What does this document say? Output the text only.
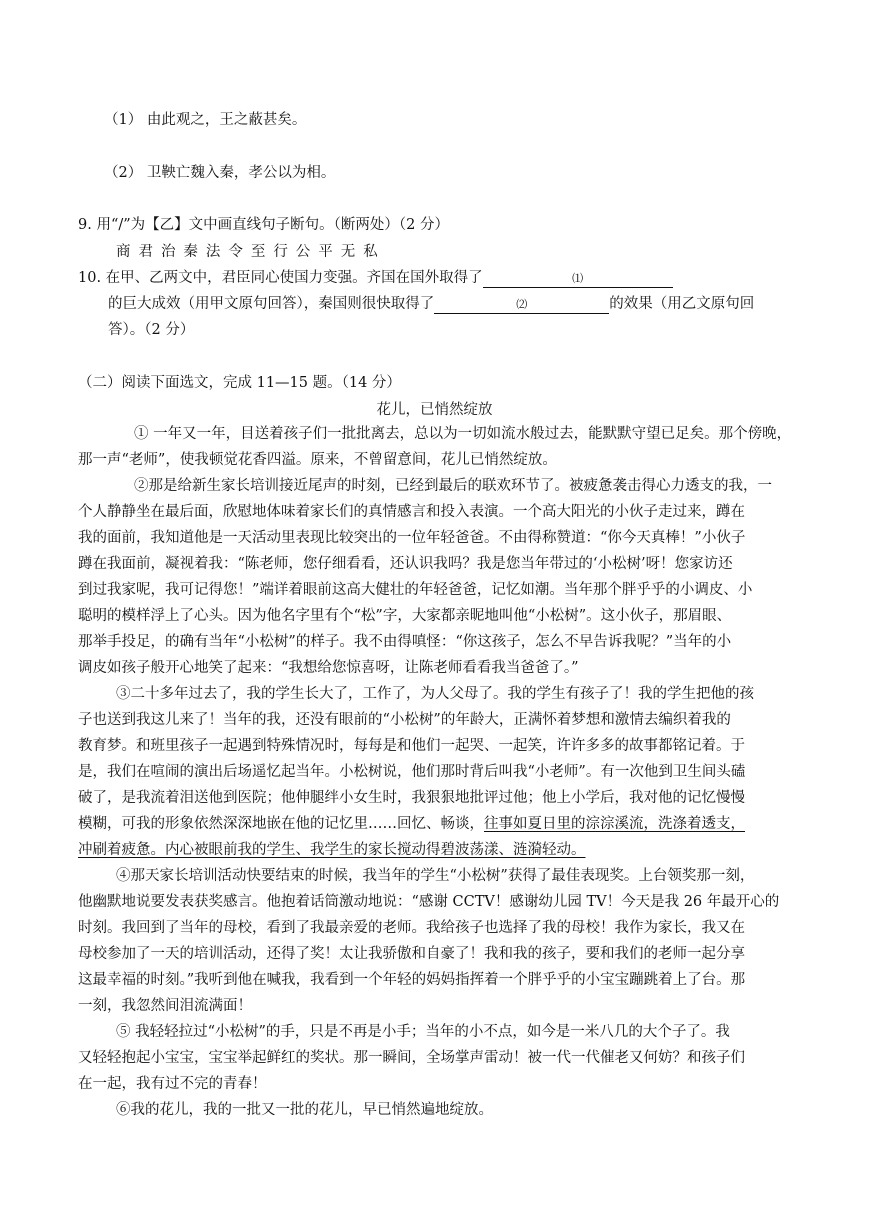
（1） 由此观之，王之蔽甚矣。
（2） 卫鞅亡魏入秦，孝公以为相。
9. 用“/”为【乙】文中画直线句子断句。（断两处）（2 分）
商君治秦法令至行公平无私
10. 在甲、乙两文中，君臣同心使国力变强。齐国在国外取得了	⑴
的巨大成效（用甲文原句回答），秦国则很快取得了	⑵	的效果（用乙文原句回
答）。（2 分）
（二）阅读下面选文，完成 11—15 题。（14 分）
花儿，已悄然绽放
① 一年又一年，目送着孩子们一批批离去，总以为一切如流水般过去，能默默守望已足矣。那个傍晚，
那一声“老师”，使我顿觉花香四溢。原来，不曾留意间，花儿已悄然绽放。
②那是给新生家长培训接近尾声的时刻，已经到最后的联欢环节了。被疲惫袭击得心力透支的我，一
个人静静坐在最后面，欣慰地体味着家长们的真情感言和投入表演。一个高大阳光的小伙子走过来，蹲在
我的面前，我知道他是一天活动里表现比较突出的一位年轻爸爸。不由得称赞道：“你今天真棒！”小伙子
蹲在我面前，凝视着我：“陈老师，您仔细看看，还认识我吗？我是您当年带过的‘小松树’呀！您家访还
到过我家呢，我可记得您！”端详着眼前这高大健壮的年轻爸爸，记忆如潮。当年那个胖乎乎的小调皮、小
聪明的模样浮上了心头。因为他名字里有个“松”字，大家都亲昵地叫他“小松树”。这小伙子，那眉眼、
那举手投足，的确有当年“小松树”的样子。我不由得嗔怪：“你这孩子，怎么不早告诉我呢？”当年的小
调皮如孩子般开心地笑了起来：“我想给您惊喜呀，让陈老师看看我当爸爸了。”
③二十多年过去了，我的学生长大了，工作了，为人父母了。我的学生有孩子了！我的学生把他的孩
子也送到我这儿来了！当年的我，还没有眼前的“小松树”的年龄大，正满怀着梦想和激情去编织着我的
教育梦。和班里孩子一起遇到特殊情况时，每每是和他们一起哭、一起笑，许许多多的故事都铭记着。于
是，我们在喧闹的演出后场遥忆起当年。小松树说，他们那时背后叫我“小老师”。有一次他到卫生间头磕
破了，是我流着泪送他到医院；他伸腿绊小女生时，我狠狠地批评过他；他上小学后，我对他的记忆慢慢
模糊，可我的形象依然深深地嵌在他的记忆里……回忆、畅谈，往事如夏日里的淙淙溪流，洗涤着透支，
冲刷着疲惫。内心被眼前我的学生、我学生的家长搅动得碧波荡漾、涟漪轻动。
④那天家长培训活动快要结束的时候，我当年的学生“小松树”获得了最佳表现奖。上台领奖那一刻，
他幽默地说要发表获奖感言。他抱着话筒激动地说：“感谢 CCTV！感谢幼儿园 TV！今天是我 26 年最开心的
时刻。我回到了当年的母校，看到了我最亲爱的老师。我给孩子也选择了我的母校！我作为家长，我又在
母校参加了一天的培训活动，还得了奖！太让我骄傲和自豪了！我和我的孩子，要和我们的老师一起分享
这最幸福的时刻。”我听到他在喊我，我看到一个年轻的妈妈指挥着一个胖乎乎的小宝宝蹦跳着上了台。那
一刻，我忽然间泪流满面！
⑤ 我轻轻拉过“小松树”的手，只是不再是小手；当年的小不点，如今是一米八几的大个子了。我
又轻轻抱起小宝宝，宝宝举起鲜红的奖状。那一瞬间，全场掌声雷动！被一代一代催老又何妨？和孩子们
在一起，我有过不完的青春！
⑥我的花儿，我的一批又一批的花儿，早已悄然遍地绽放。
